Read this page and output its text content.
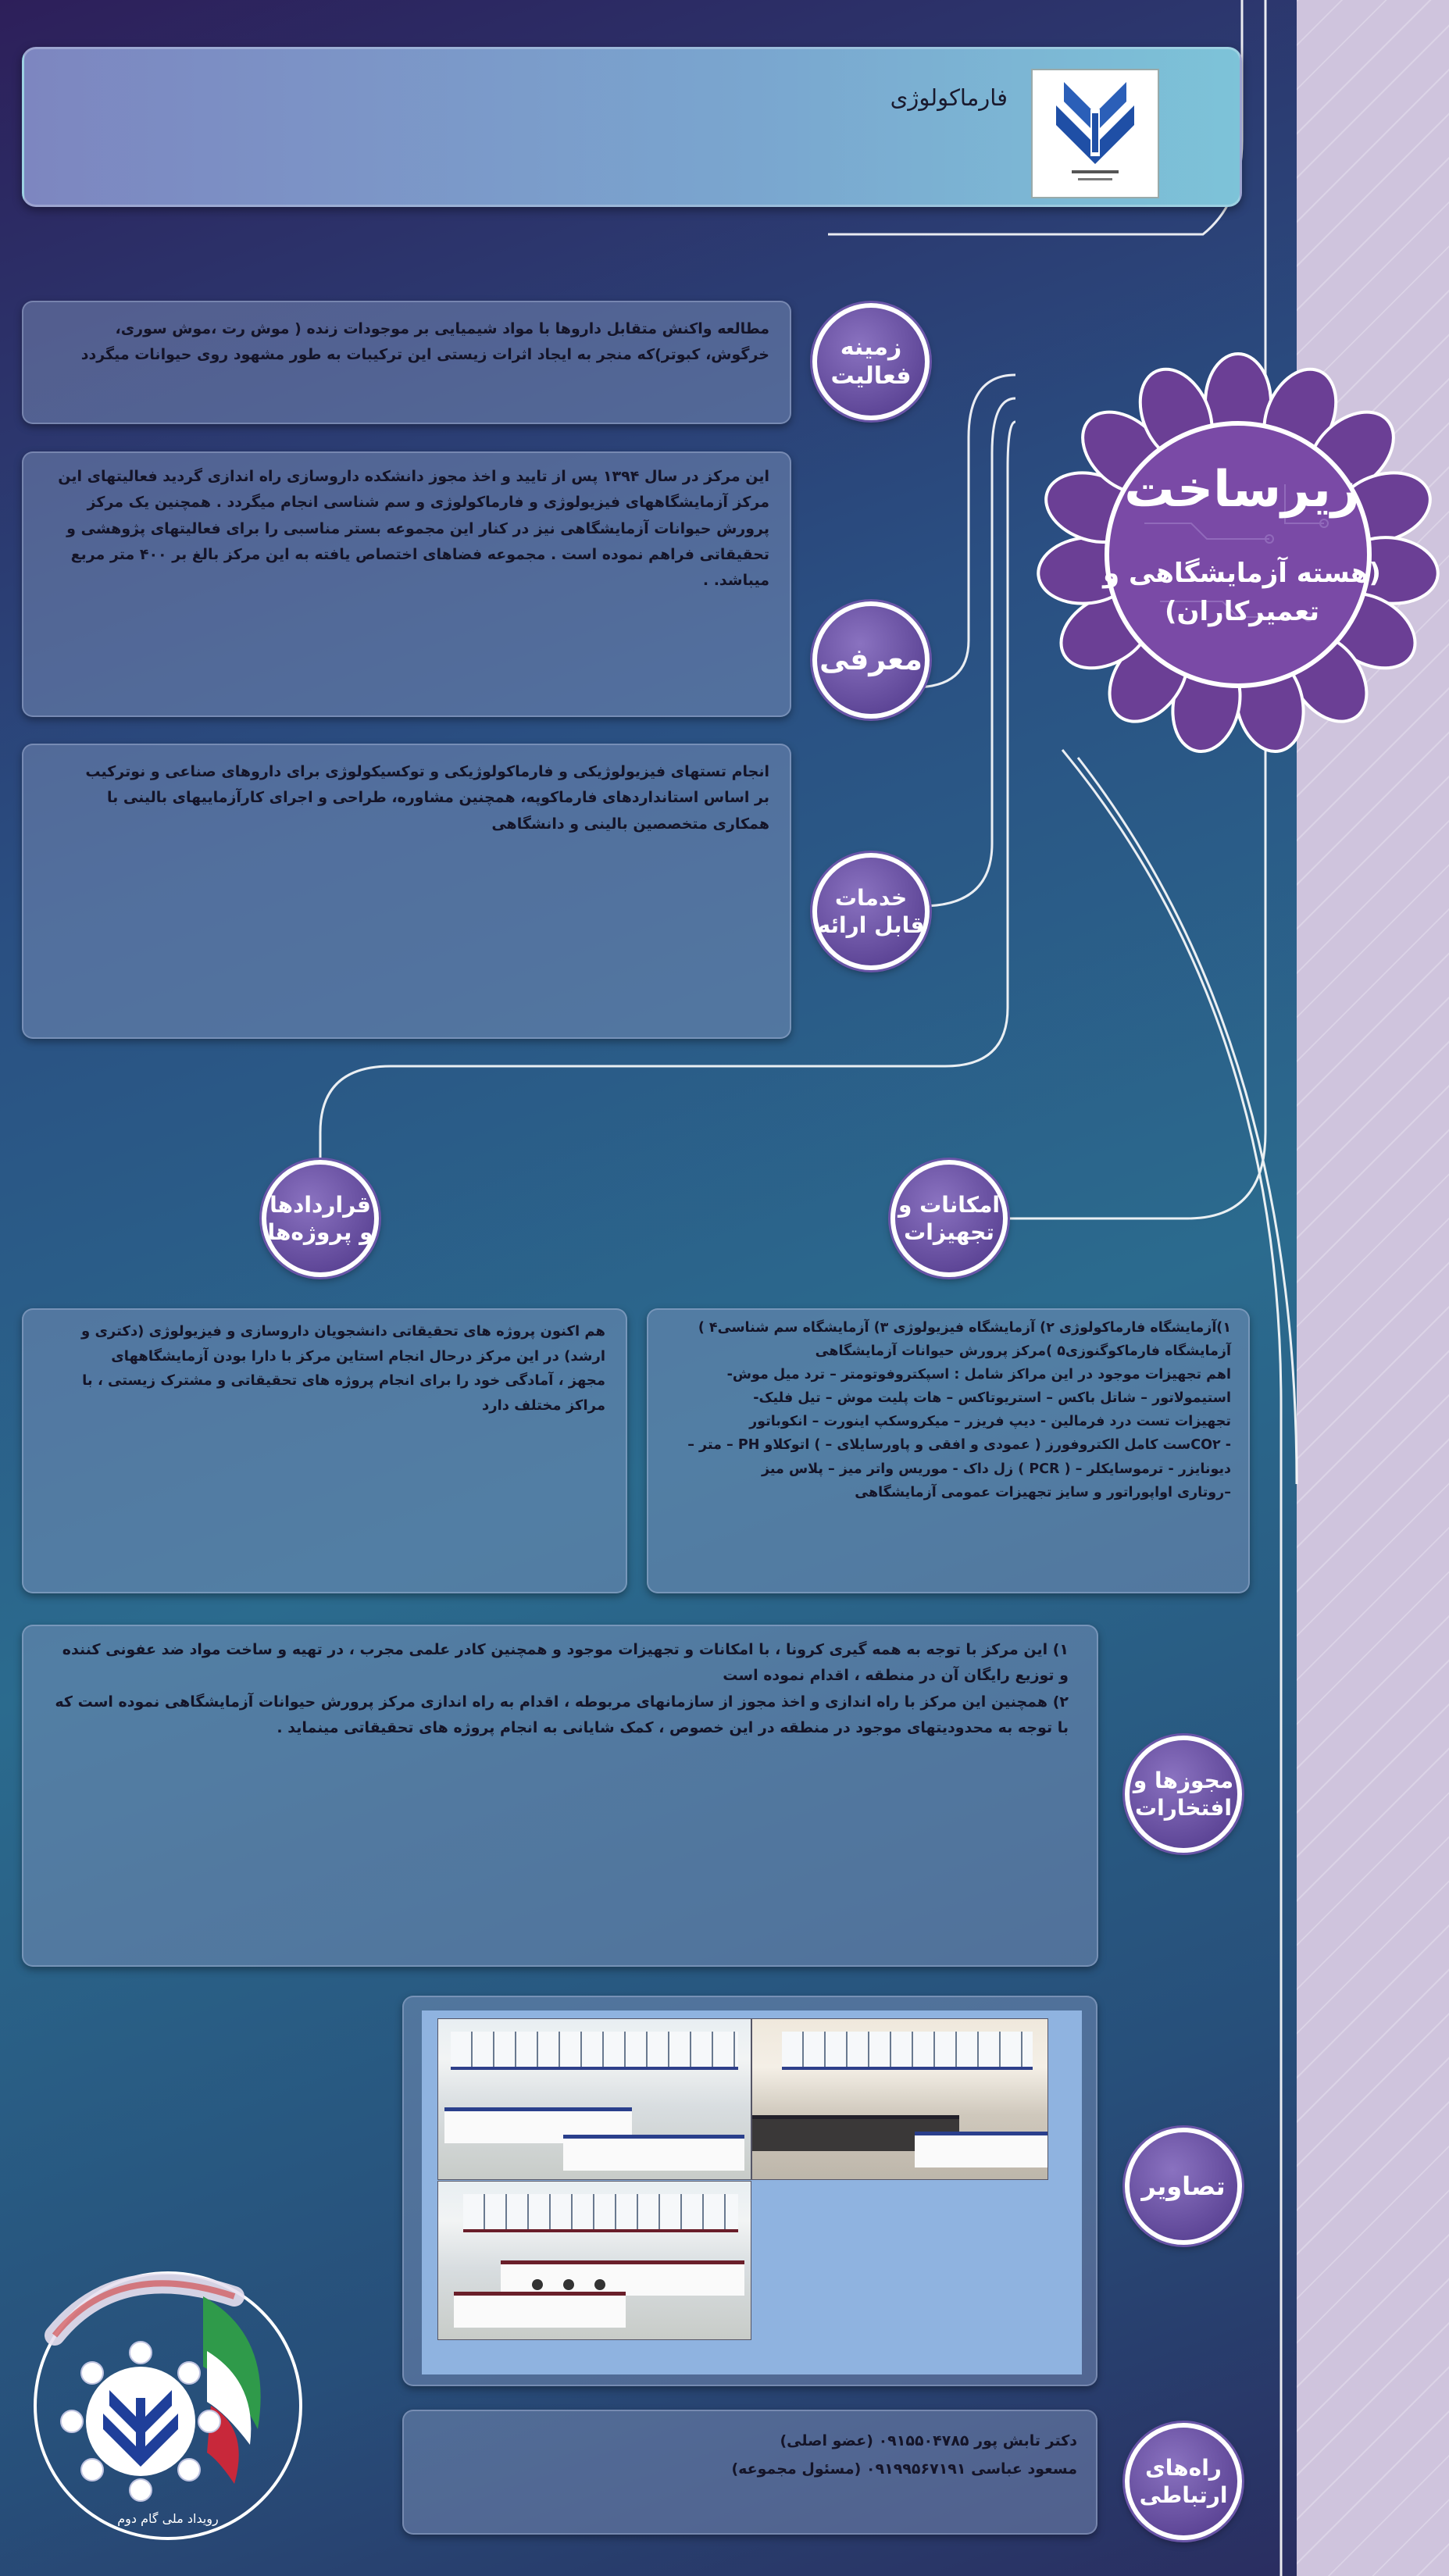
فارماکولوژی
زیرساخت
(هسته آزمایشگاهی و تعمیرکاران)
مطالعه واکنش متقابل داروها با مواد شیمیایی بر موجودات زنده ( موش رت ،موش سوری، خرگوش، کبوتر)که منجر به ایجاد اثرات زیستی این ترکیبات به طور مشهود روی حیوانات میگردد	زمینه فعالیت
این مرکز در سال ۱۳۹۴ پس از تایید و اخذ مجوز دانشکده داروسازی راه اندازی گردید فعالیتهای این مرکز آزمایشگاههای فیزیولوژی و فارماکولوژی و سم شناسی انجام میگردد . همچنین یک مرکز پرورش حیوانات آزمایشگاهی نیز در کنار این مجموعه بستر مناسبی را برای فعالیتهای پژوهشی و تحقیقاتی فراهم نموده است . مجموعه فضاهای اختصاص یافته به این مرکز بالغ بر ۴۰۰ متر مربع میباشد. .
معرفی
انجام تستهای فیزیولوژیکی و فارماکولوژیکی و توکسیکولوژی برای داروهای صناعی و نوترکیب بر اساس استانداردهای فارماکوپه، همچنین مشاوره، طراحی و اجرای کارآزماییهای بالینی با همکاری متخصصین بالینی و دانشگاهی
خدمات قابل ارائه
قراردادها و پروژه‌ها
هم اکنون پروژه های تحقیقاتی دانشجویان داروسازی و فیزیولوژی (دکتری و ارشد) در این مرکز درحال انجام استاین مرکز با دارا بودن آزمایشگاههای مجهز ، آمادگی خود را برای انجام پروژه های تحقیقاتی و مشترک زیستی ، با مراکز مختلف دارد
امکانات و تجهیزات
۱)آزمایشگاه فارماکولوژی ۲) آزمایشگاه فیزیولوژی ۳) آزمایشگاه سم شناسی۴ )
آزمایشگاه فارماکوگنوزی۵ )مرکز پرورش حیوانات آزمایشگاهی
اهم تجهیزات موجود در این مراکز شامل : اسپکتروفوتومتر – ترد میل موش-
استیمولاتور – شاتل باکس – استریوتاکس – هات پلیت موش – تیل فلیک-
تجهیزات تست درد فرمالین - دیپ فریزر – میکروسکپ اینورت – انکوباتور
- CO۲ست کامل الکتروفورز ( عمودی و افقی و پاورسایلای – ) اتوکلاو PH – متر –
دیونایزر - ترموسایکلر – ( PCR ) زل داک - موریس واتر میز – پلاس میز
–روتاری اواپوراتور و سایز تجهیزات عمومی آزمایشگاهی
۱) این مرکز با توجه به همه گیری کرونا ، با امکانات و تجهیزات موجود و همچنین کادر علمی مجرب ، در تهیه و ساخت مواد ضد عفونی کننده و توزیع رایگان آن در منطقه ، اقدام نموده است
۲) همچنین این مرکز با راه اندازی و اخذ مجوز از سازمانهای مربوطه ، اقدام به راه اندازی مرکز پرورش حیوانات آزمایشگاهی نموده است که با توجه به محدودیتهای موجود در منطقه در این خصوص ، کمک شایانی به انجام پروژه های تحقیقاتی مینماید .
مجوزها و افتخارات
تصاویر
دکتر تابش پور ۰۹۱۵۵۰۴۷۸۵ (عضو اصلی)
مسعود عباسی ۰۹۱۹۹۵۶۷۱۹۱ (مسئول مجموعه)	راه‌های ارتباطی
رویداد ملی گام دوم
